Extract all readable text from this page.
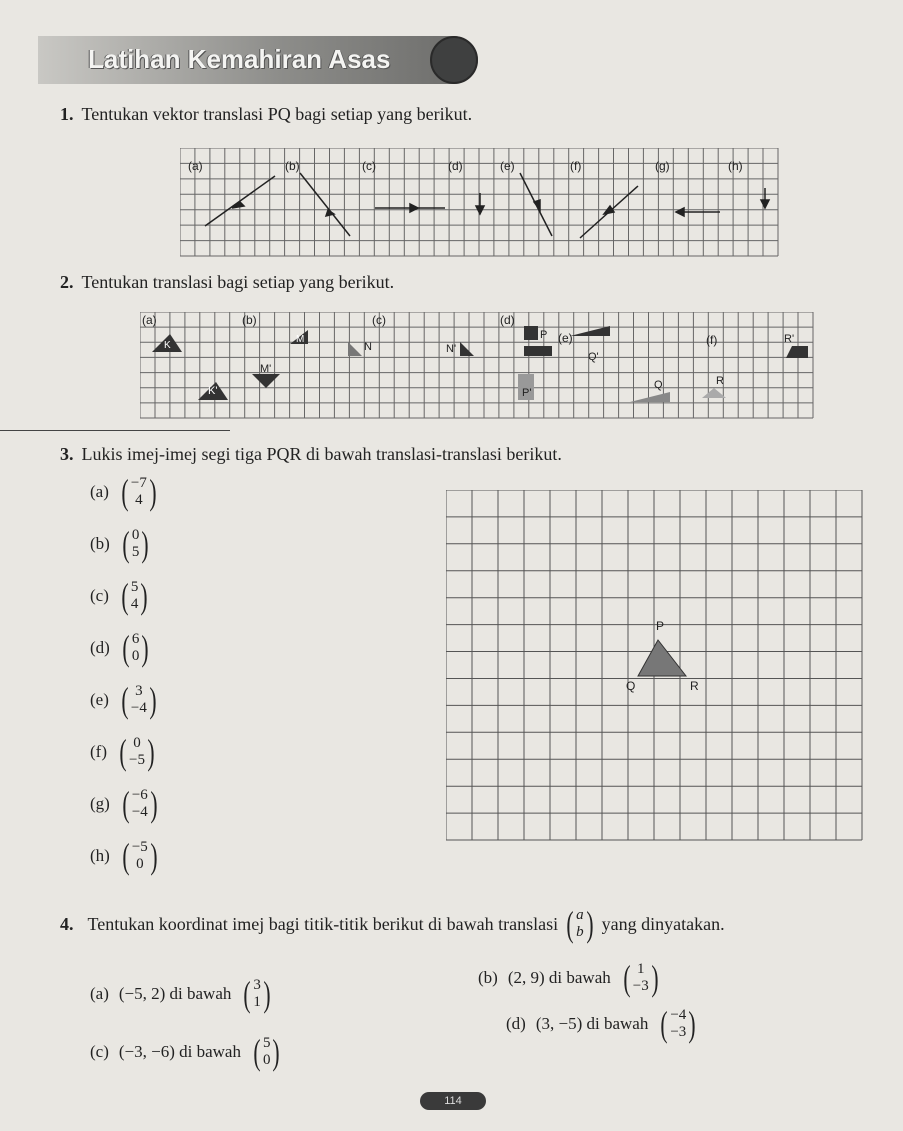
Latihan Kemahiran Asas
1. Tentukan vektor translasi PQ bagi setiap yang berikut.
(a)	(b)	(c)	(d)	(e)	(f)	(g)	(h)
2. Tentukan translasi bagi setiap yang berikut.
(a)	(b)	(c)	(d)
(e)	(f)
K
K'
M
M'
N	N'
P
P'
Q
Q'
R
R'
3. Lukis imej-imej segi tiga PQR di bawah translasi-translasi berikut.
(a) ( −7
4 )
(b) ( 0
5 )
(c) ( 5
4 )
(d) ( 6
0 )
(e) ( 3
−4 )
(f) ( 0
−5 )
(g) ( −6
−4 )
(h) ( −5
0 )
P
Q	R
4. Tentukan koordinat imej bagi titik-titik berikut di bawah translasi ( a
b ) yang dinyatakan.
(a) (−5, 2) di bawah ( 3
1 )	(b) (2, 9) di bawah ( 1
−3 )
(c) (−3, −6) di bawah ( 5
0 )
(d) (3, −5) di bawah ( −4
−3 )
114
